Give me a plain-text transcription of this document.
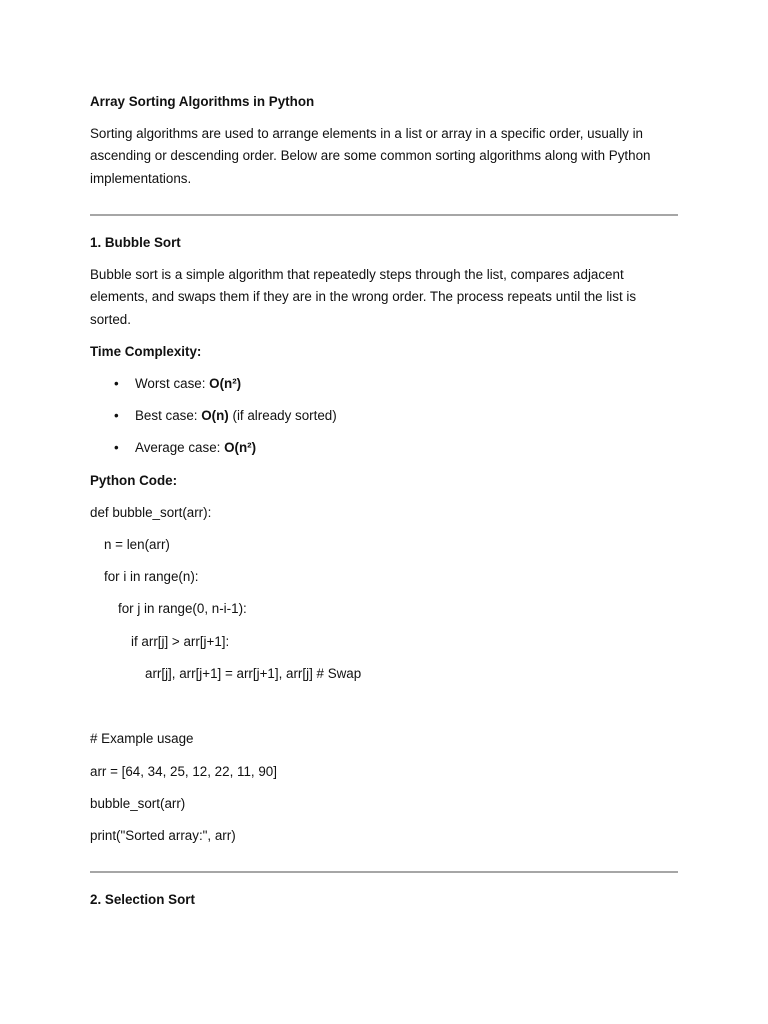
Array Sorting Algorithms in Python
Sorting algorithms are used to arrange elements in a list or array in a specific order, usually in ascending or descending order. Below are some common sorting algorithms along with Python implementations.
1. Bubble Sort
Bubble sort is a simple algorithm that repeatedly steps through the list, compares adjacent elements, and swaps them if they are in the wrong order. The process repeats until the list is sorted.
Time Complexity:
• Worst case: O(n²)
• Best case: O(n) (if already sorted)
• Average case: O(n²)
Python Code:
def bubble_sort(arr):
n = len(arr)
for i in range(n):
for j in range(0, n-i-1):
if arr[j] > arr[j+1]:
arr[j], arr[j+1] = arr[j+1], arr[j] # Swap
# Example usage
arr = [64, 34, 25, 12, 22, 11, 90]
bubble_sort(arr)
print("Sorted array:", arr)
2. Selection Sort
